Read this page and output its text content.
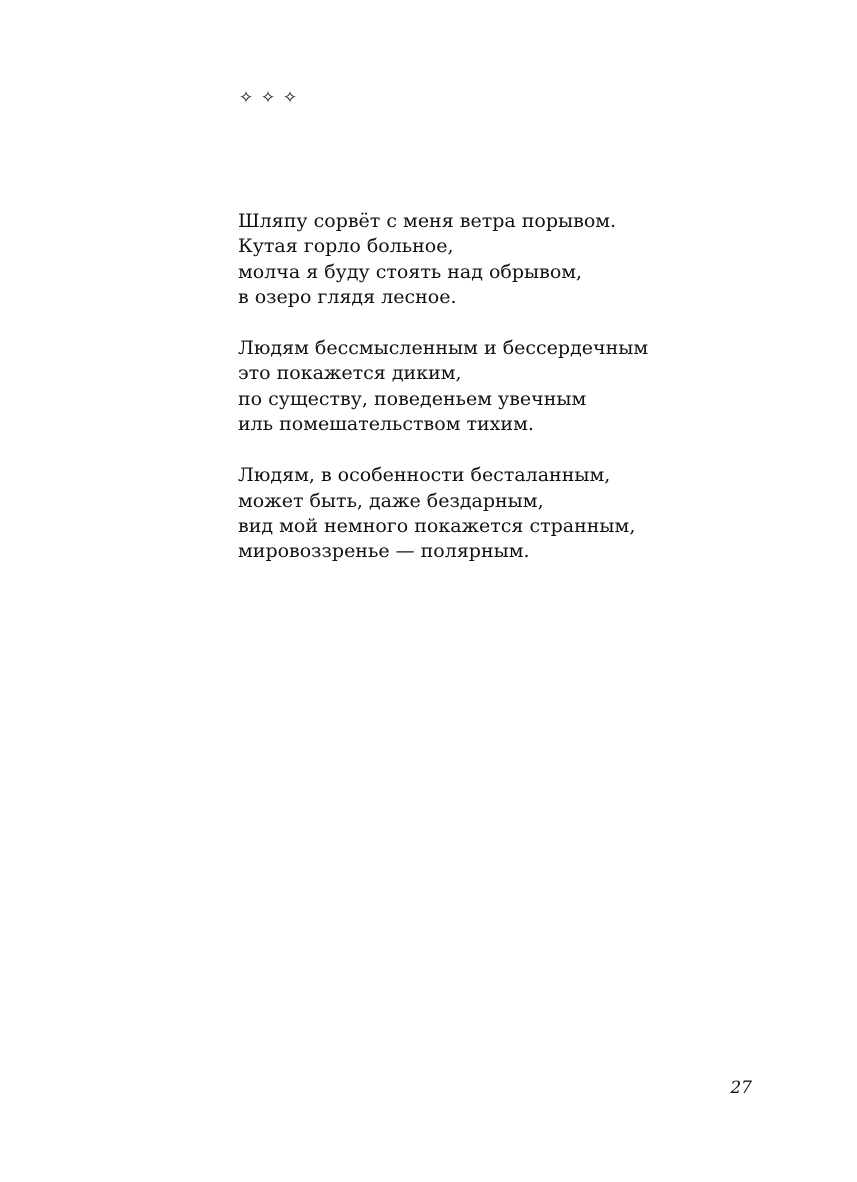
✧ ✧ ✧
Шляпу сорвёт с меня ветра порывом.
Кутая горло больное,
молча я буду стоять над обрывом,
в озеро глядя лесное.
Людям бессмысленным и бессердечным
это покажется диким,
по существу, поведеньем увечным
иль помешательством тихим.
Людям, в особенности бесталанным,
может быть, даже бездарным,
вид мой немного покажется странным,
мировоззренье — полярным.
27
